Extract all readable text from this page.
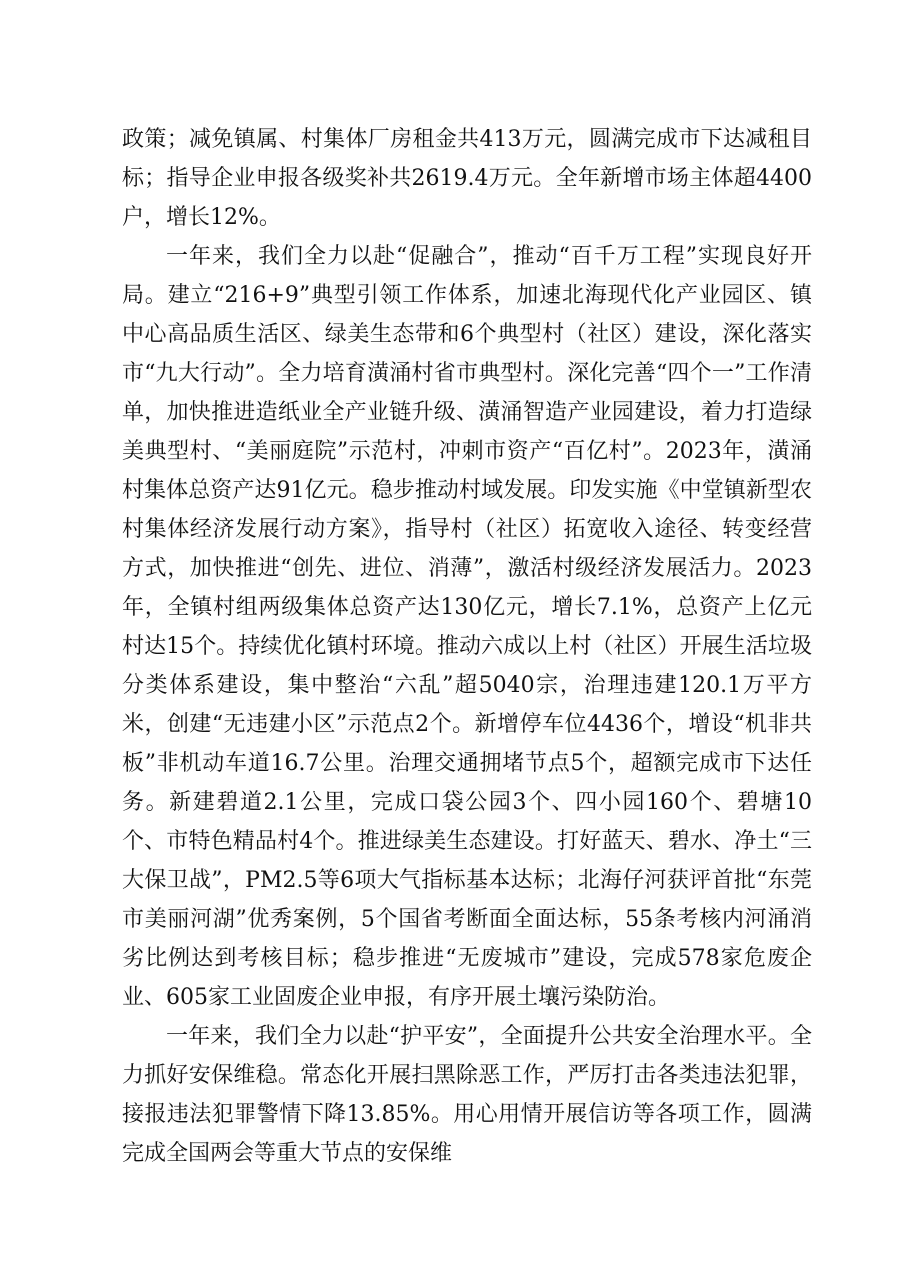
政策；减免镇属、村集体厂房租金共413万元，圆满完成市下达减租目标；指导企业申报各级奖补共2619.4万元。全年新增市场主体超4400户，增长12%。

一年来，我们全力以赴“促融合”，推动“百千万工程”实现良好开局。建立“216+9”典型引领工作体系，加速北海现代化产业园区、镇中心高品质生活区、绿美生态带和6个典型村（社区）建设，深化落实市“九大行动”。全力培育潢涌村省市典型村。深化完善“四个一”工作清单，加快推进造纸业全产业链升级、潢涌智造产业园建设，着力打造绿美典型村、“美丽庭院”示范村，冲刺市资产“百亿村”。2023年，潢涌村集体总资产达91亿元。稳步推动村域发展。印发实施《中堂镇新型农村集体经济发展行动方案》，指导村（社区）拓宽收入途径、转变经营方式，加快推进“创先、进位、消薄”，激活村级经济发展活力。2023年，全镇村组两级集体总资产达130亿元，增长7.1%，总资产上亿元村达15个。持续优化镇村环境。推动六成以上村（社区）开展生活垃圾分类体系建设，集中整治“六乱”超5040宗，治理违建120.1万平方米，创建“无违建小区”示范点2个。新增停车位4436个，增设“机非共板”非机动车道16.7公里。治理交通拥堵节点5个，超额完成市下达任务。新建碧道2.1公里，完成口袋公园3个、四小园160个、碧塘10个、市特色精品村4个。推进绿美生态建设。打好蓝天、碧水、净土“三大保卫战”，PM2.5等6项大气指标基本达标；北海仔河获评首批“东莞市美丽河湖”优秀案例，5个国省考断面全面达标，55条考核内河涌消劣比例达到考核目标；稳步推进“无废城市”建设，完成578家危废企业、605家工业固废企业申报，有序开展土壤污染防治。

一年来，我们全力以赴“护平安”，全面提升公共安全治理水平。全力抓好安保维稳。常态化开展扫黑除恶工作，严厉打击各类违法犯罪，接报违法犯罪警情下降13.85%。用心用情开展信访等各项工作，圆满完成全国两会等重大节点的安保维
